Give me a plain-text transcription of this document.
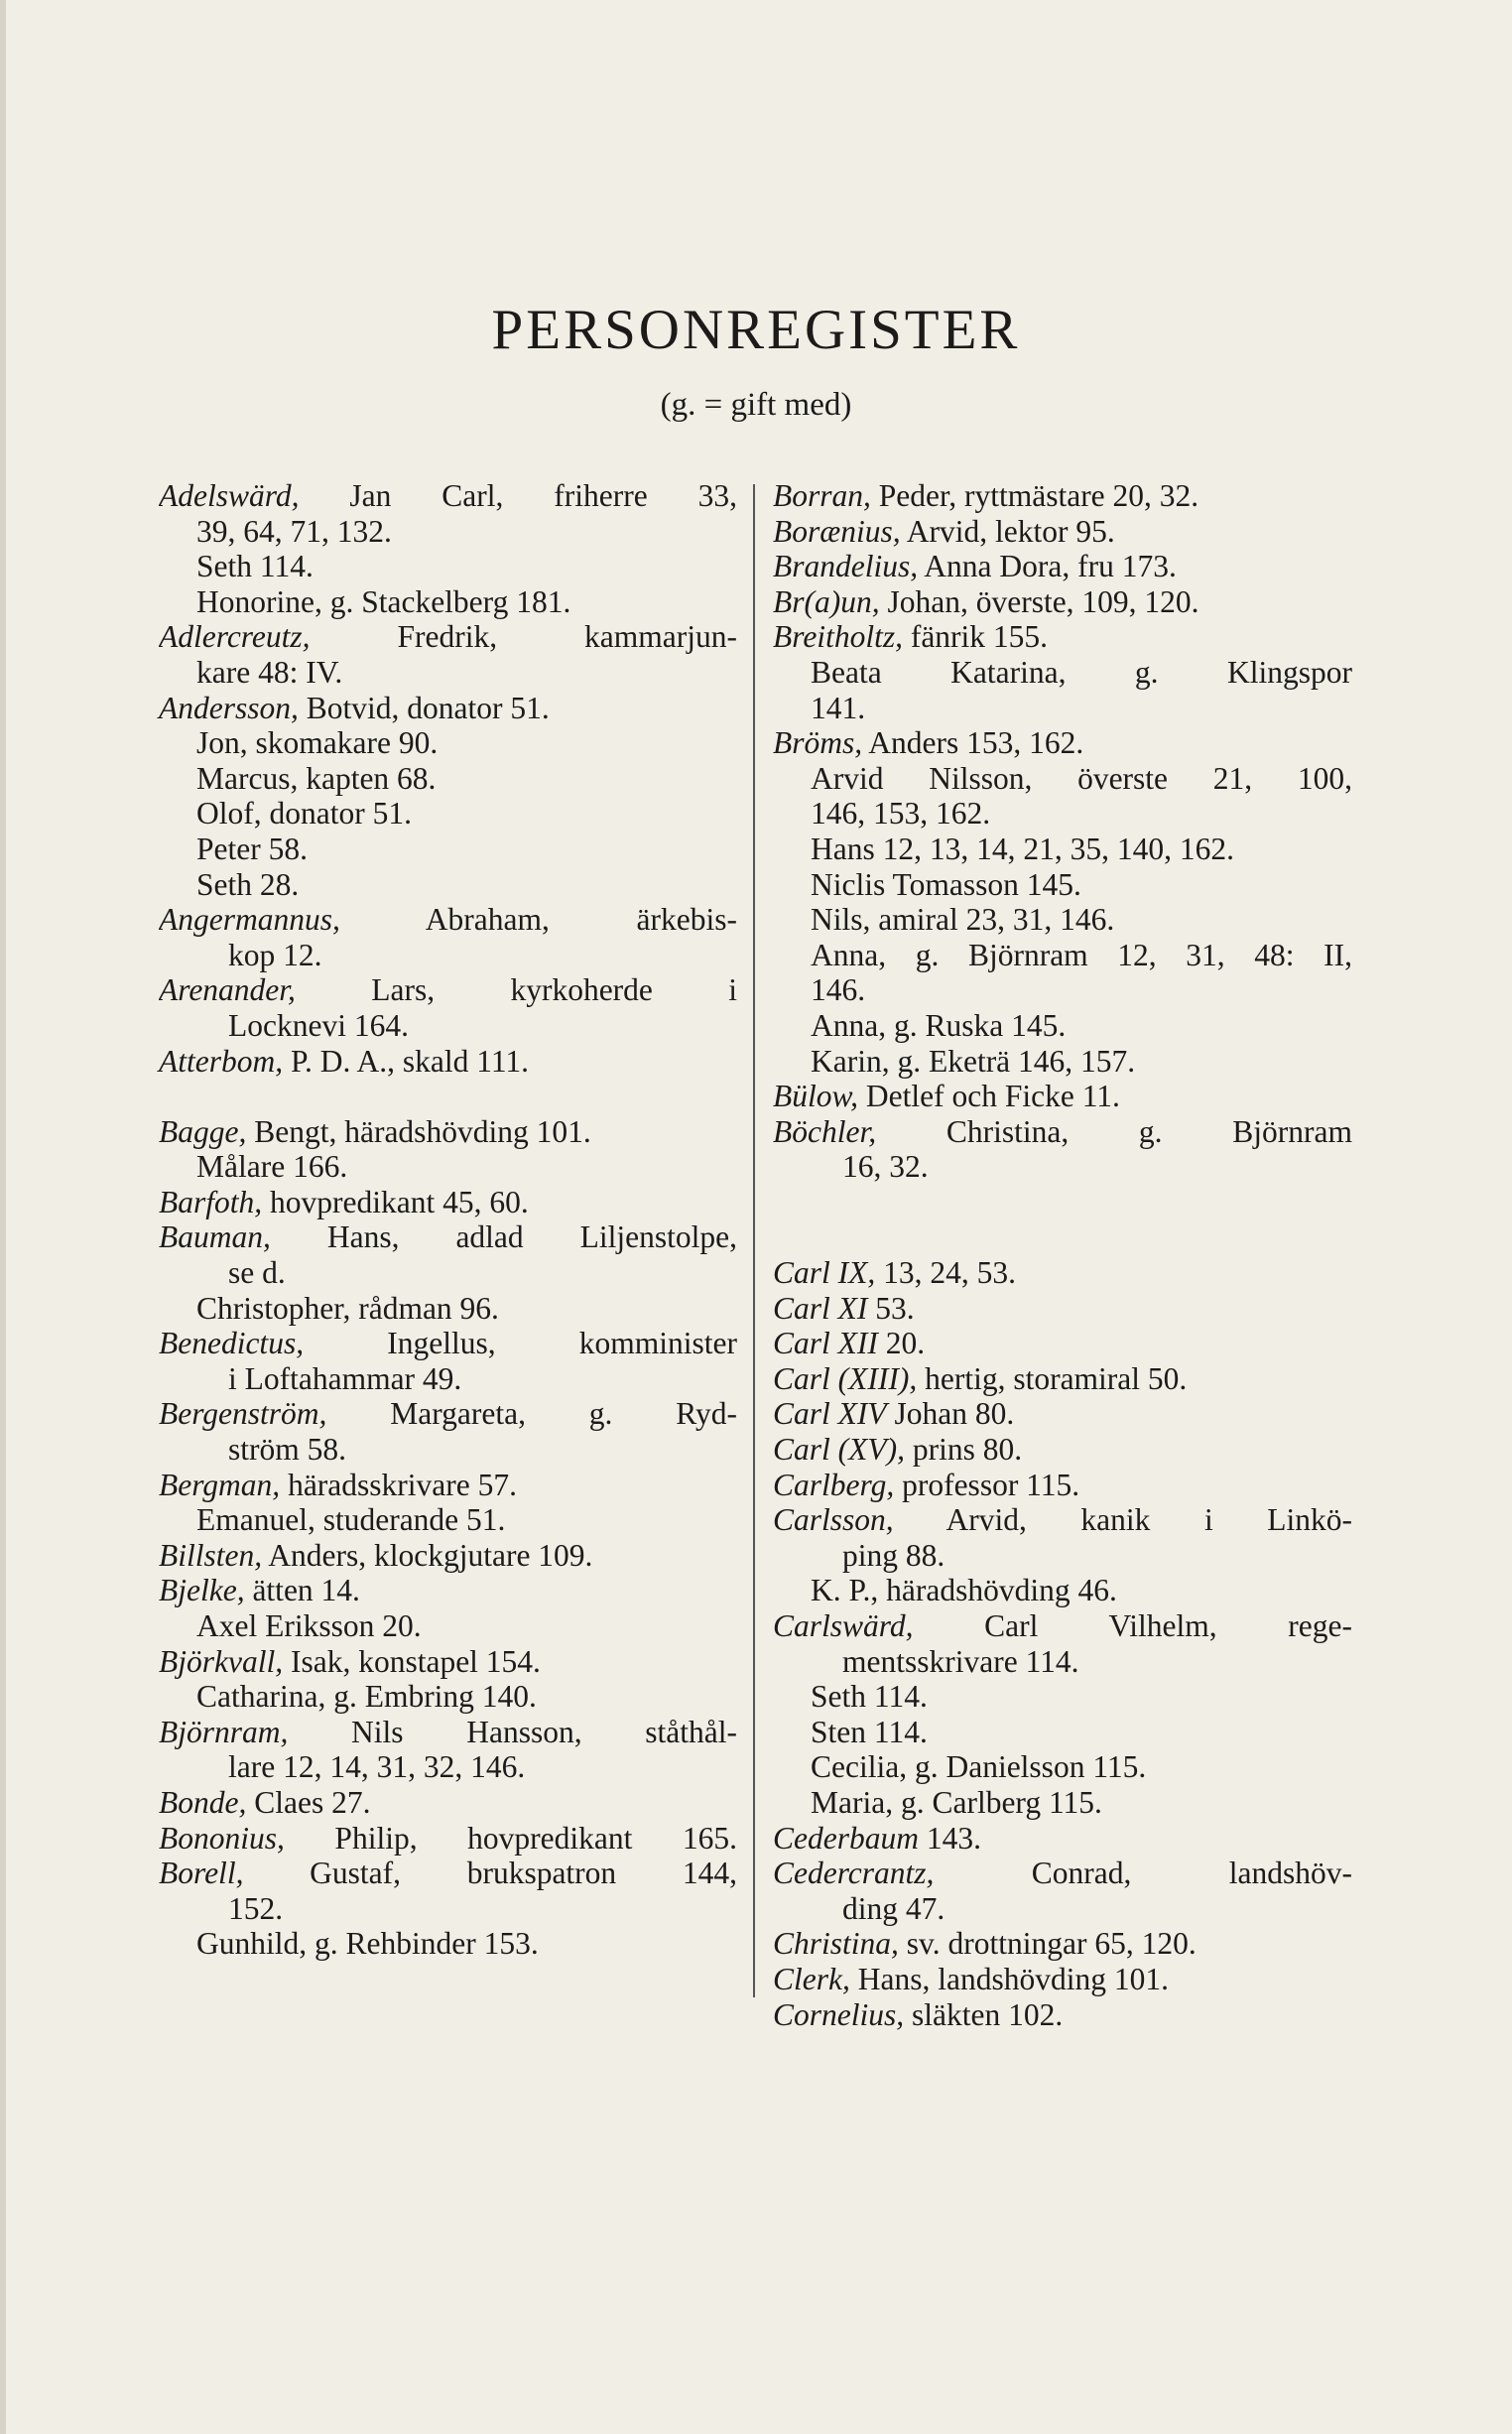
PERSONREGISTER
(g. = gift med)
Adelswärd, Jan Carl, friherre 33,
39, 64, 71, 132.
Seth 114.
Honorine, g. Stackelberg 181.
Adlercreutz, Fredrik, kammarjun-
kare 48: IV.
Andersson, Botvid, donator 51.
Jon, skomakare 90.
Marcus, kapten 68.
Olof, donator 51.
Peter 58.
Seth 28.
Angermannus, Abraham, ärkebis-
kop 12.
Arenander, Lars, kyrkoherde i
Locknevi 164.
Atterbom, P. D. A., skald 111.
Bagge, Bengt, häradshövding 101.
Målare 166.
Barfoth, hovpredikant 45, 60.
Bauman, Hans, adlad Liljenstolpe,
se d.
Christopher, rådman 96.
Benedictus, Ingellus, komminister
i Loftahammar 49.
Bergenström, Margareta, g. Ryd-
ström 58.
Bergman, häradsskrivare 57.
Emanuel, studerande 51.
Billsten, Anders, klockgjutare 109.
Bjelke, ätten 14.
Axel Eriksson 20.
Björkvall, Isak, konstapel 154.
Catharina, g. Embring 140.
Björnram, Nils Hansson, ståthål-
lare 12, 14, 31, 32, 146.
Bonde, Claes 27.
Bononius, Philip, hovpredikant 165.
Borell, Gustaf, brukspatron 144,
152.
Gunhild, g. Rehbinder 153.
Borran, Peder, ryttmästare 20, 32.
Borænius, Arvid, lektor 95.
Brandelius, Anna Dora, fru 173.
Br(a)un, Johan, överste, 109, 120.
Breitholtz, fänrik 155.
Beata Katarina, g. Klingspor
141.
Bröms, Anders 153, 162.
Arvid Nilsson, överste 21, 100,
146, 153, 162.
Hans 12, 13, 14, 21, 35, 140, 162.
Niclis Tomasson 145.
Nils, amiral 23, 31, 146.
Anna, g. Björnram 12, 31, 48: II,
146.
Anna, g. Ruska 145.
Karin, g. Eketrä 146, 157.
Bülow, Detlef och Ficke 11.
Böchler, Christina, g. Björnram
16, 32.
Carl IX, 13, 24, 53.
Carl XI 53.
Carl XII 20.
Carl (XIII), hertig, storamiral 50.
Carl XIV Johan 80.
Carl (XV), prins 80.
Carlberg, professor 115.
Carlsson, Arvid, kanik i Linkö-
ping 88.
K. P., häradshövding 46.
Carlswärd, Carl Vilhelm, rege-
mentsskrivare 114.
Seth 114.
Sten 114.
Cecilia, g. Danielsson 115.
Maria, g. Carlberg 115.
Cederbaum 143.
Cedercrantz, Conrad, landshöv-
ding 47.
Christina, sv. drottningar 65, 120.
Clerk, Hans, landshövding 101.
Cornelius, släkten 102.
